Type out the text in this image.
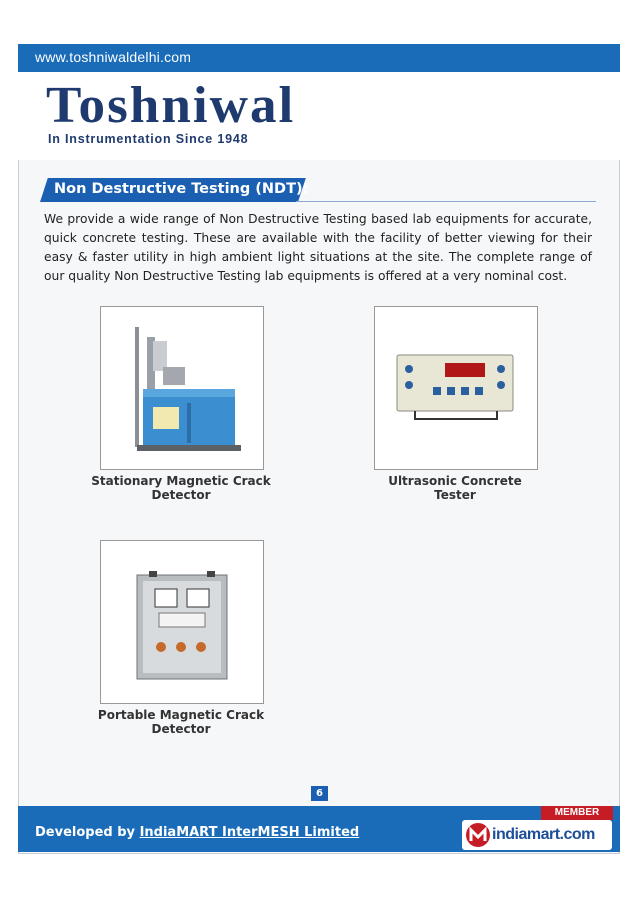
www.toshniwaldelhi.com
Toshniwal
In Instrumentation Since 1948
Non Destructive Testing (NDT):
We provide a wide range of Non Destructive Testing based lab equipments for accurate, quick concrete testing. These are available with the facility of better viewing for their easy & faster utility in high ambient light situations at the site. The complete range of our quality Non Destructive Testing lab equipments is offered at a very nominal cost.
Stationary Magnetic Crack
Detector
Ultrasonic Concrete
Tester
Portable Magnetic Crack
Detector
6
Developed by IndiaMART InterMESH Limited
MEMBER
indiamart.com
